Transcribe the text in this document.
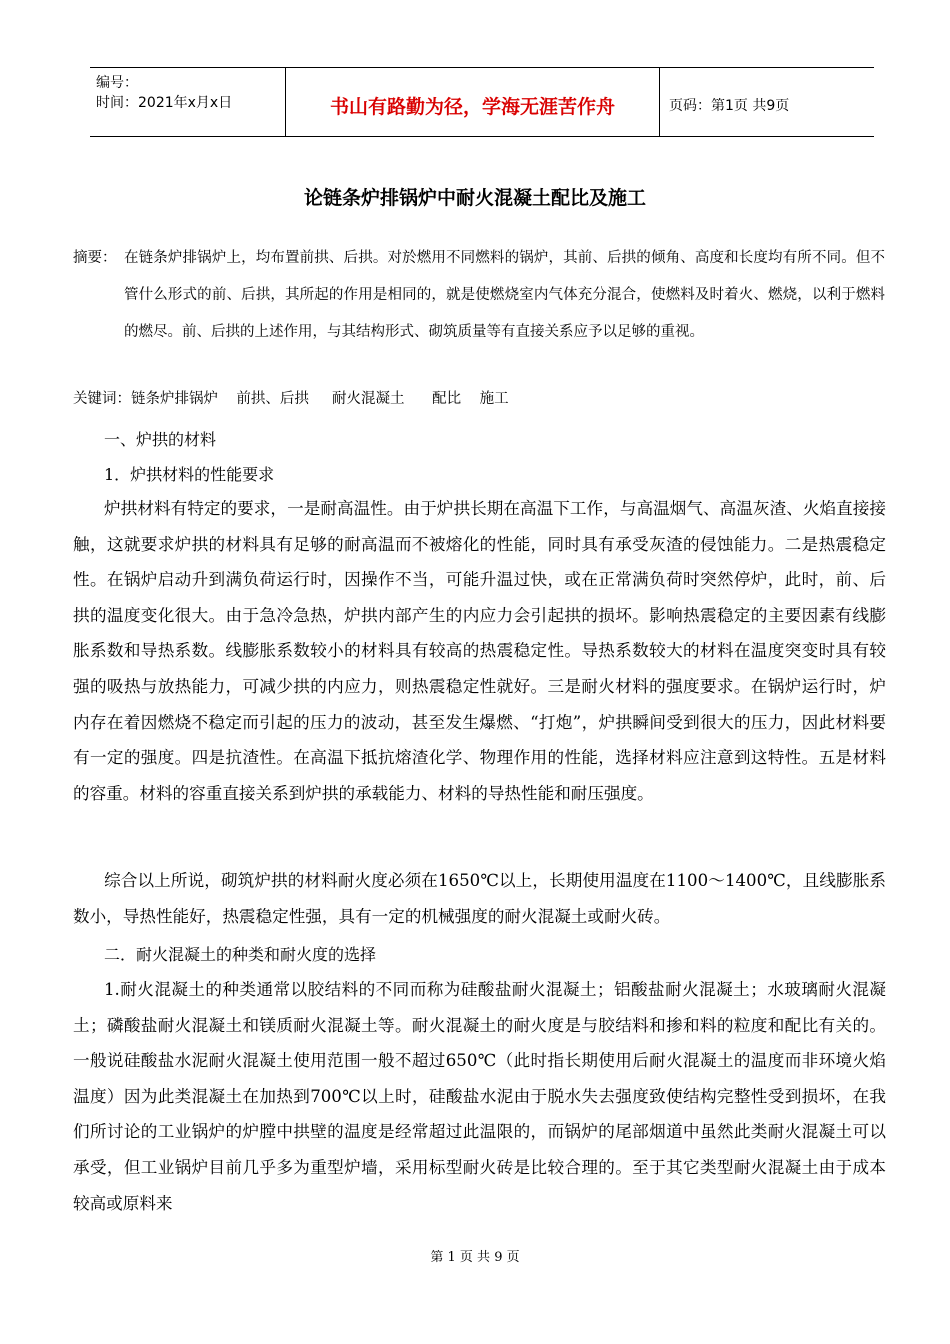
编号：
时间：2021年x月x日	书山有路勤为径，学海无涯苦作舟	页码：第1页 共9页
论链条炉排锅炉中耐火混凝土配比及施工
摘要： 在链条炉排锅炉上，均布置前拱、后拱。对於燃用不同燃料的锅炉，其前、后拱的倾角、高度和长度均有所不同。但不管什么形式的前、后拱，其所起的作用是相同的，就是使燃烧室内气体充分混合，使燃料及时着火、燃烧，以利于燃料的燃尽。前、后拱的上述作用，与其结构形式、砌筑质量等有直接关系应予以足够的重视。
关键词：链条炉排锅炉    前拱、后拱     耐火混凝土      配比    施工
一、炉拱的材料
1．炉拱材料的性能要求
炉拱材料有特定的要求，一是耐高温性。由于炉拱长期在高温下工作，与高温烟气、高温灰渣、火焰直接接触，这就要求炉拱的材料具有足够的耐高温而不被熔化的性能，同时具有承受灰渣的侵蚀能力。二是热震稳定性。在锅炉启动升到满负荷运行时，因操作不当，可能升温过快，或在正常满负荷时突然停炉，此时，前、后拱的温度变化很大。由于急冷急热，炉拱内部产生的内应力会引起拱的损坏。影响热震稳定的主要因素有线膨胀系数和导热系数。线膨胀系数较小的材料具有较高的热震稳定性。导热系数较大的材料在温度突变时具有较强的吸热与放热能力，可减少拱的内应力，则热震稳定性就好。三是耐火材料的强度要求。在锅炉运行时，炉内存在着因燃烧不稳定而引起的压力的波动，甚至发生爆燃、“打炮”，炉拱瞬间受到很大的压力，因此材料要有一定的强度。四是抗渣性。在高温下抵抗熔渣化学、物理作用的性能，选择材料应注意到这特性。五是材料的容重。材料的容重直接关系到炉拱的承载能力、材料的导热性能和耐压强度。
综合以上所说，砌筑炉拱的材料耐火度必须在1650℃以上，长期使用温度在1100～1400℃，且线膨胀系数小，导热性能好，热震稳定性强，具有一定的机械强度的耐火混凝土或耐火砖。
二．耐火混凝土的种类和耐火度的选择
1.耐火混凝土的种类通常以胶结料的不同而称为硅酸盐耐火混凝土；铝酸盐耐火混凝土；水玻璃耐火混凝土；磷酸盐耐火混凝土和镁质耐火混凝土等。耐火混凝土的耐火度是与胶结料和掺和料的粒度和配比有关的。一般说硅酸盐水泥耐火混凝土使用范围一般不超过650℃（此时指长期使用后耐火混凝土的温度而非环境火焰温度）因为此类混凝土在加热到700℃以上时，硅酸盐水泥由于脱水失去强度致使结构完整性受到损坏，在我们所讨论的工业锅炉的炉膛中拱壁的温度是经常超过此温限的，而锅炉的尾部烟道中虽然此类耐火混凝土可以承受，但工业锅炉目前几乎多为重型炉墙，采用标型耐火砖是比较合理的。至于其它类型耐火混凝土由于成本较高或原料来
第 1 页 共 9 页
